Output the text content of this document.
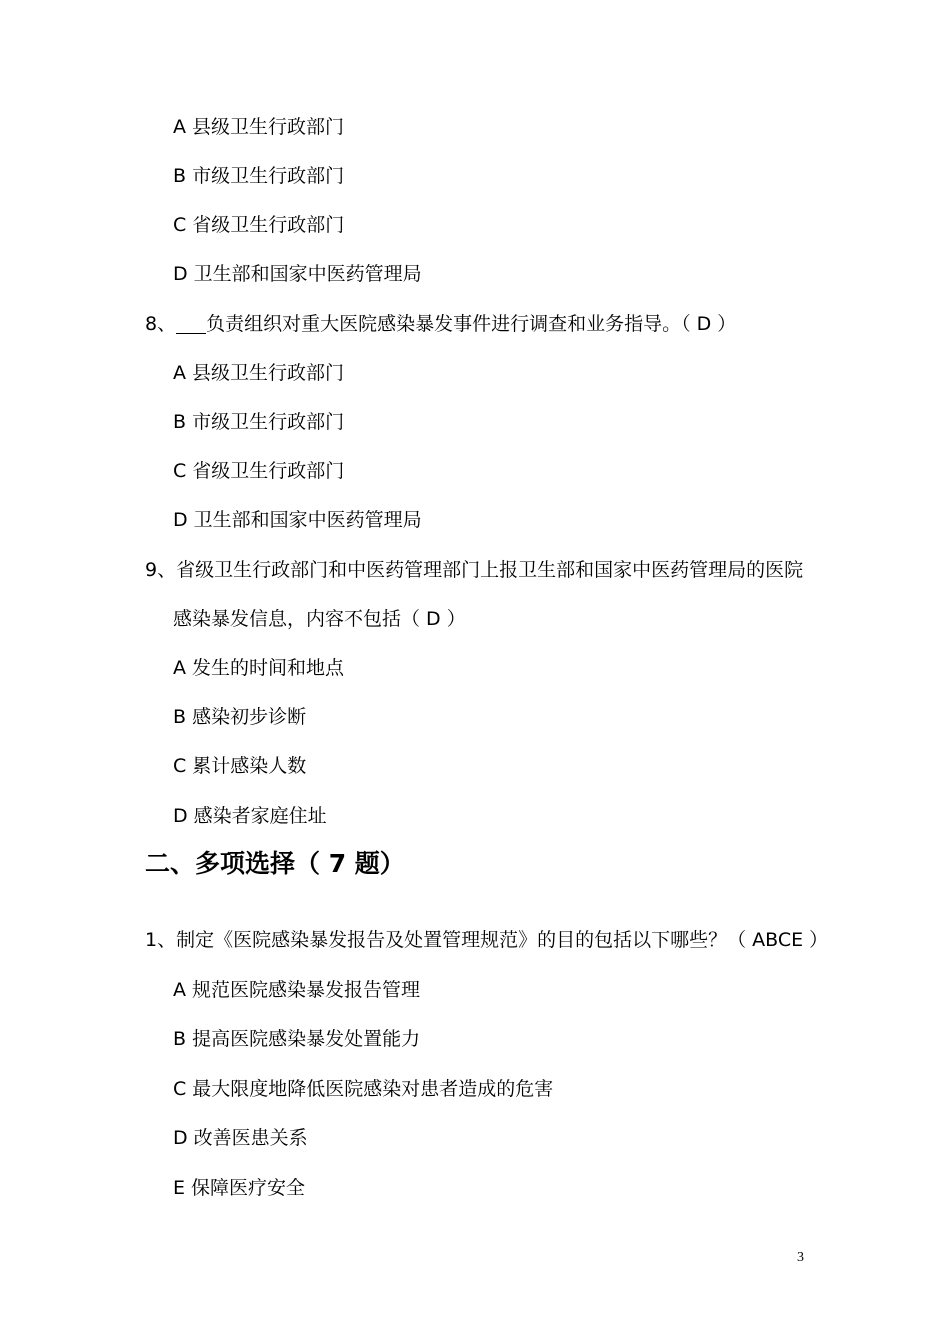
A 县级卫生行政部门
B 市级卫生行政部门
C 省级卫生行政部门
D 卫生部和国家中医药管理局
8、 负责组织对重大医院感染暴发事件进行调查和业务指导。（ D ）
A 县级卫生行政部门
B 市级卫生行政部门
C 省级卫生行政部门
D 卫生部和国家中医药管理局
9、省级卫生行政部门和中医药管理部门上报卫生部和国家中医药管理局的医院
感染暴发信息，内容不包括（ D ）
A 发生的时间和地点
B 感染初步诊断
C 累计感染人数
D 感染者家庭住址
二、多项选择（ 7 题）
1、制定《医院感染暴发报告及处置管理规范》的目的包括以下哪些？（ ABCE ）
A 规范医院感染暴发报告管理
B 提高医院感染暴发处置能力
C 最大限度地降低医院感染对患者造成的危害
D 改善医患关系
E 保障医疗安全
3
